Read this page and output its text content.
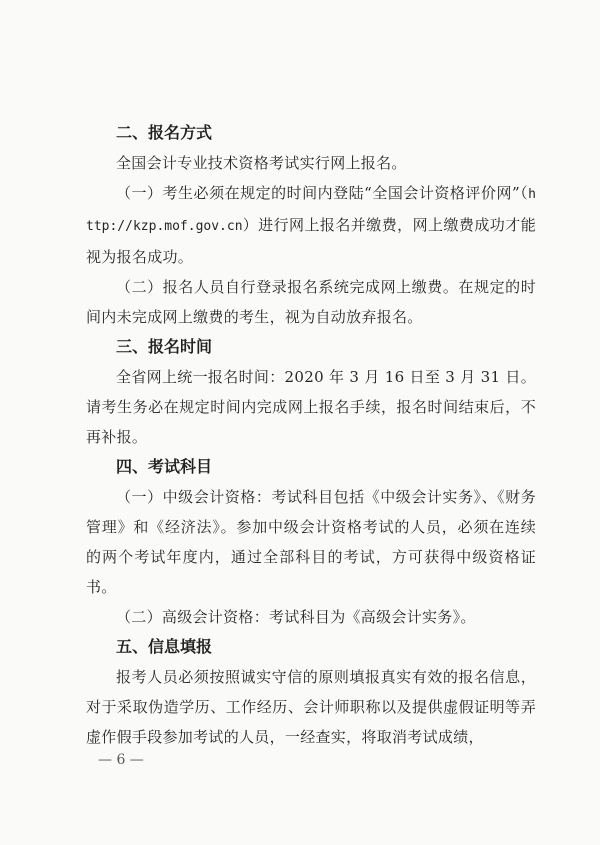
二、报名方式

全国会计专业技术资格考试实行网上报名。

（一）考生必须在规定的时间内登陆“全国会计资格评价网”（http://kzp.mof.gov.cn）进行网上报名并缴费，网上缴费成功才能视为报名成功。

（二）报名人员自行登录报名系统完成网上缴费。在规定的时间内未完成网上缴费的考生，视为自动放弃报名。

三、报名时间

全省网上统一报名时间：2020 年 3 月 16 日至 3 月 31 日。请考生务必在规定时间内完成网上报名手续，报名时间结束后，不再补报。

四、考试科目

（一）中级会计资格：考试科目包括《中级会计实务》、《财务管理》和《经济法》。参加中级会计资格考试的人员，必须在连续的两个考试年度内，通过全部科目的考试，方可获得中级资格证书。

（二）高级会计资格：考试科目为《高级会计实务》。

五、信息填报

报考人员必须按照诚实守信的原则填报真实有效的报名信息，对于采取伪造学历、工作经历、会计师职称以及提供虚假证明等弄虚作假手段参加考试的人员，一经查实，将取消考试成绩，

— 6 —
